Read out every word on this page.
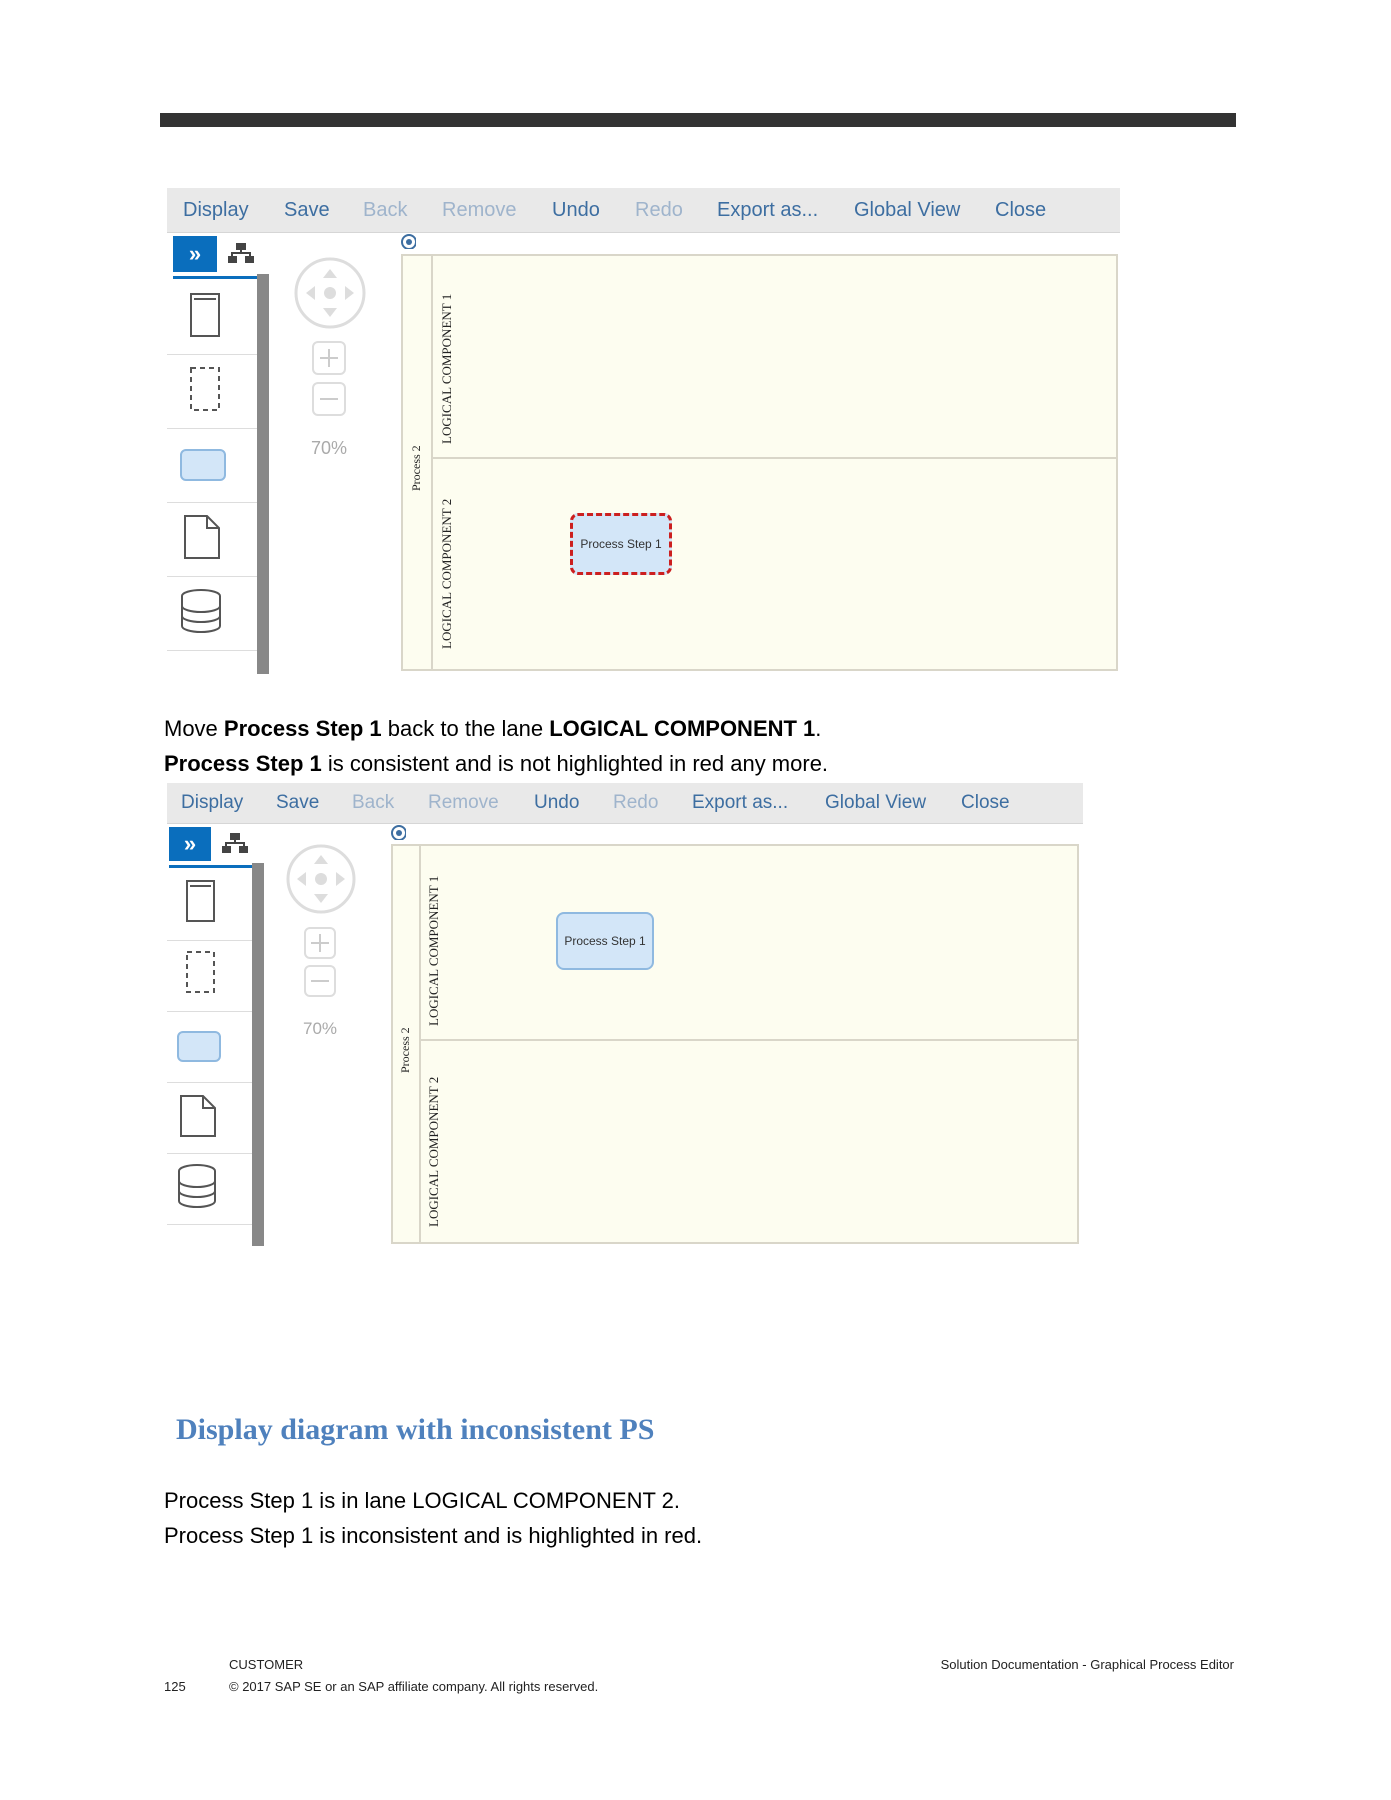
Display Save Back Remove Undo Redo Export as... Global View Close
»
70%	Process 2
LOGICAL COMPONENT 1
LOGICAL COMPONENT 2	Process Step 1
Move Process Step 1 back to the lane LOGICAL COMPONENT 1.
Process Step 1 is consistent and is not highlighted in red any more.
Display Save Back Remove Undo Redo Export as... Global View Close
»
70%	Process 2
LOGICAL COMPONENT 1	Process Step 1
LOGICAL COMPONENT 2
Display diagram with inconsistent PS
Process Step 1 is in lane LOGICAL COMPONENT 2.
Process Step 1 is inconsistent and is highlighted in red.
CUSTOMER
125	© 2017 SAP SE or an SAP affiliate company. All rights reserved.
Solution Documentation - Graphical Process Editor
